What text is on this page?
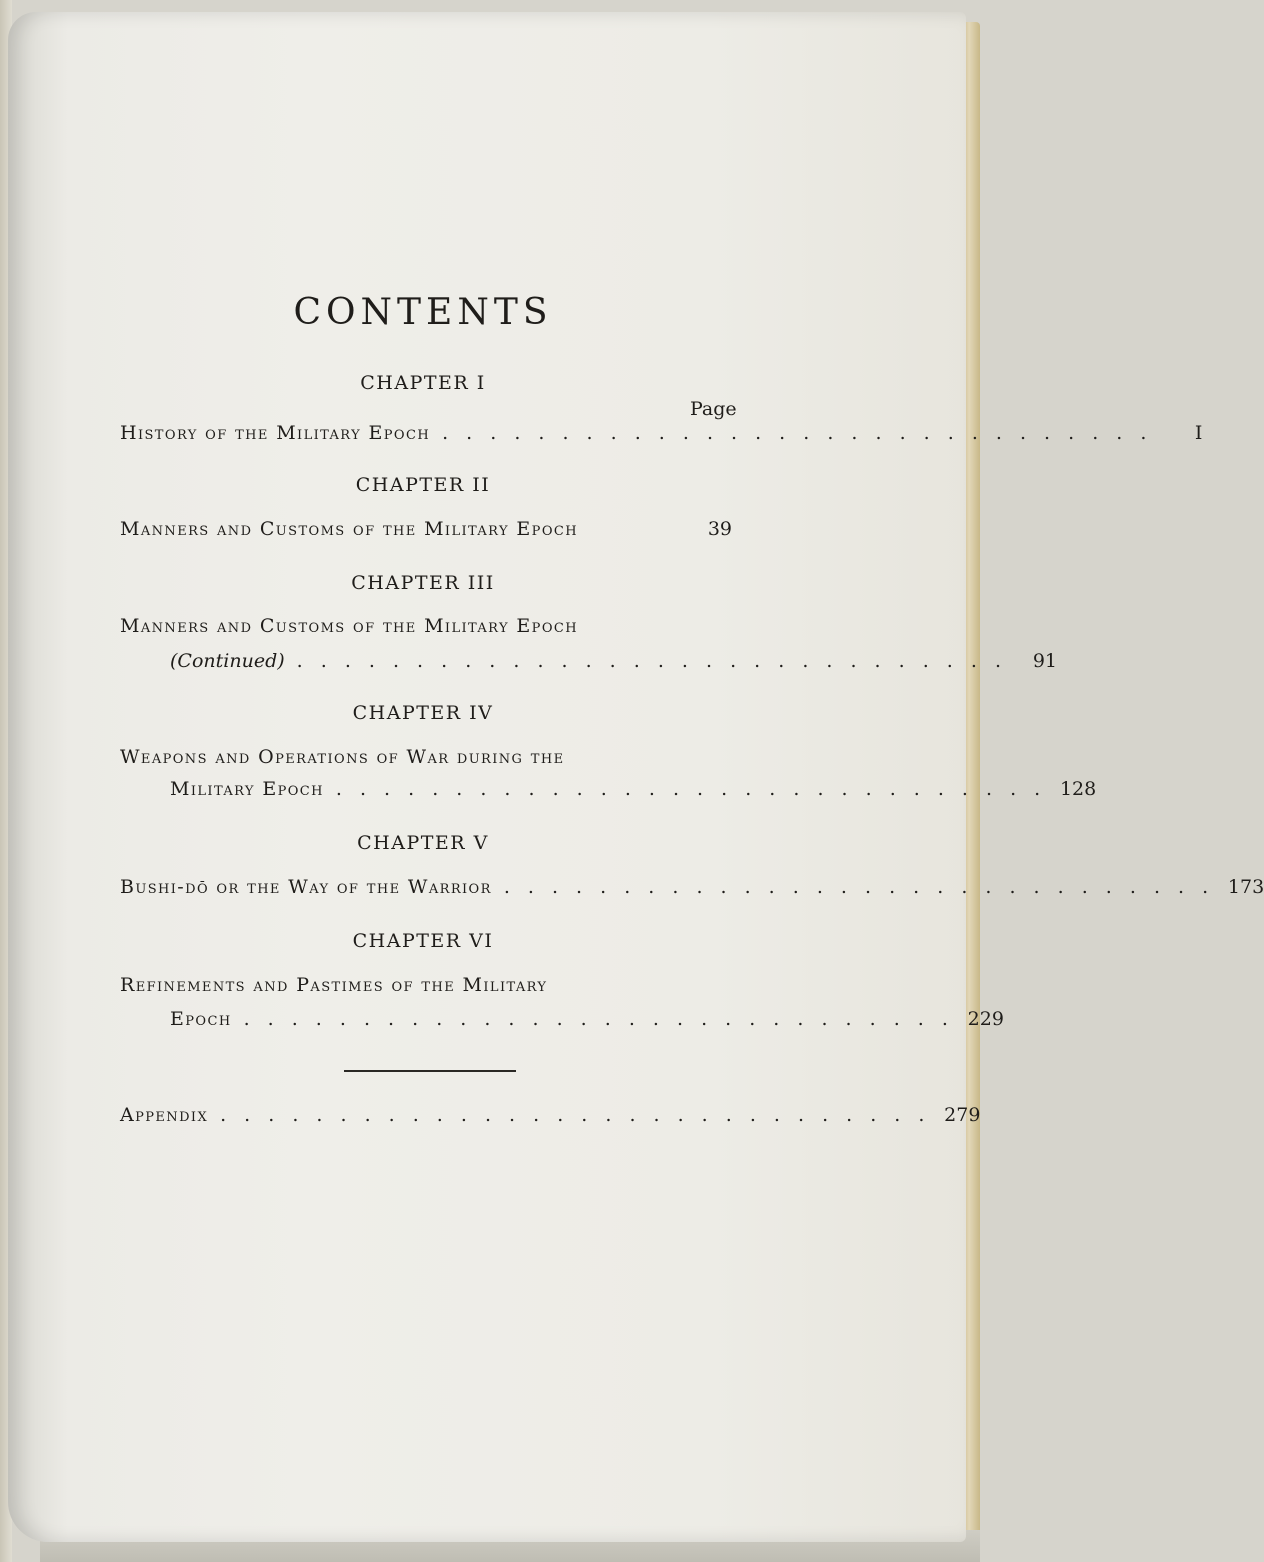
CONTENTS
Page
CHAPTER I
History of the Military Epoch . . . . . . . . . . . . . . . . . . . . . . . . . . . . . .	I
CHAPTER II
Manners and Customs of the Military Epoch	39
CHAPTER III
Manners and Customs of the Military Epoch
(Continued) . . . . . . . . . . . . . . . . . . . . . . . . . . . . . .	91
CHAPTER IV
Weapons and Operations of War during the
Military Epoch . . . . . . . . . . . . . . . . . . . . . . . . . . . . . . 128
CHAPTER V
Bushi-dō or the Way of the Warrior . . . . . . . . . . . . . . . . . . . . . . . . . . . . . . 173
CHAPTER VI
Refinements and Pastimes of the Military
Epoch . . . . . . . . . . . . . . . . . . . . . . . . . . . . . . 229
Appendix . . . . . . . . . . . . . . . . . . . . . . . . . . . . . . 279
